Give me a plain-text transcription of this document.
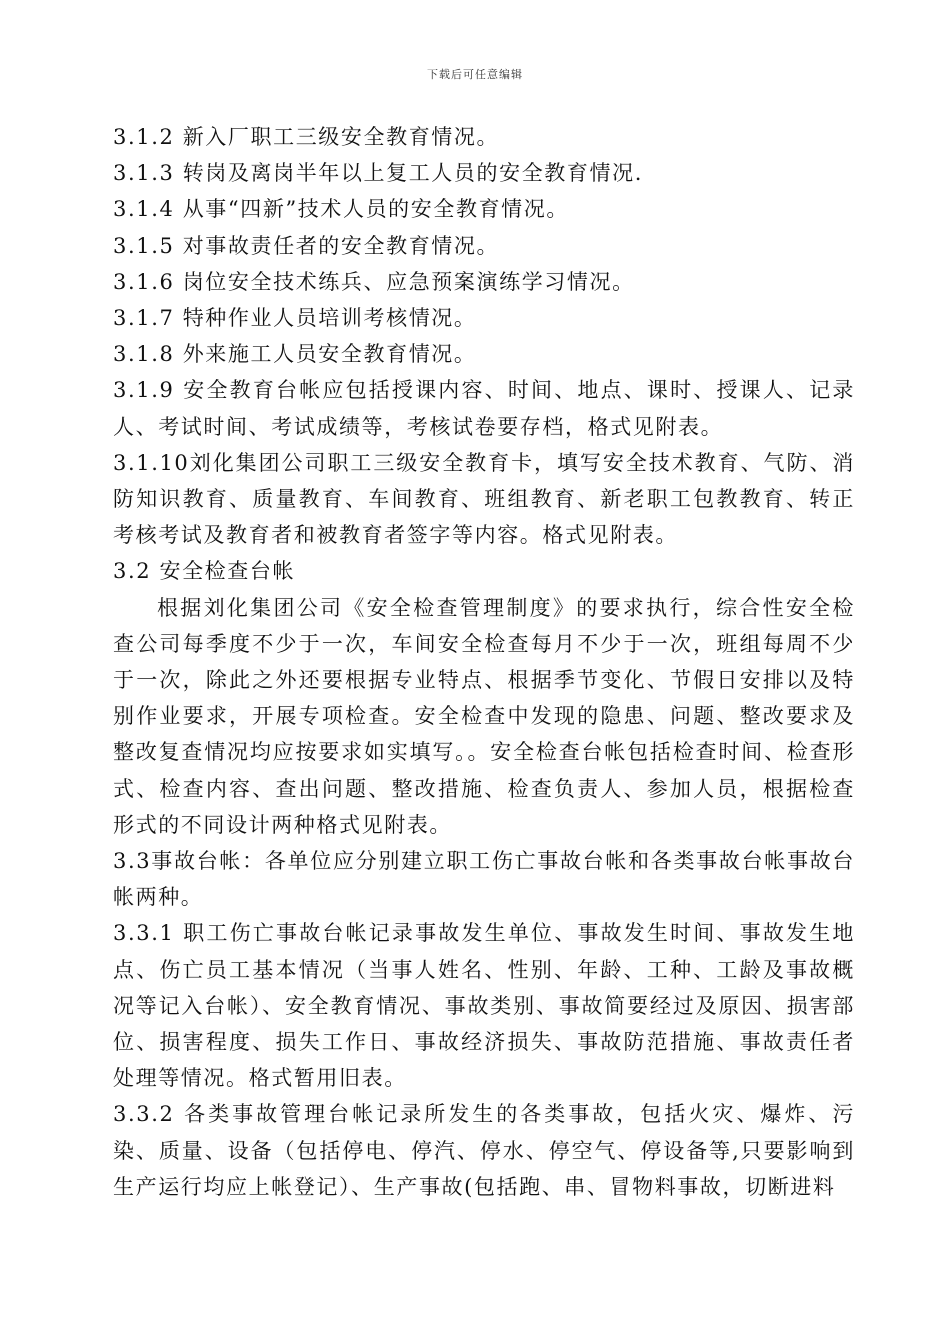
下载后可任意编辑

3.1.2 新入厂职工三级安全教育情况。

3.1.3 转岗及离岗半年以上复工人员的安全教育情况.

3.1.4 从事“四新”技术人员的安全教育情况。

3.1.5 对事故责任者的安全教育情况。

3.1.6 岗位安全技术练兵、应急预案演练学习情况。

3.1.7 特种作业人员培训考核情况。

3.1.8 外来施工人员安全教育情况。

3.1.9 安全教育台帐应包括授课内容、时间、地点、课时、授课人、记录人、考试时间、考试成绩等，考核试卷要存档，格式见附表。

3.1.10刘化集团公司职工三级安全教育卡，填写安全技术教育、气防、消防知识教育、质量教育、车间教育、班组教育、新老职工包教教育、转正考核考试及教育者和被教育者签字等内容。格式见附表。

3.2 安全检查台帐

根据刘化集团公司《安全检查管理制度》的要求执行，综合性安全检查公司每季度不少于一次，车间安全检查每月不少于一次，班组每周不少于一次，除此之外还要根据专业特点、根据季节变化、节假日安排以及特别作业要求，开展专项检查。安全检查中发现的隐患、问题、整改要求及整改复查情况均应按要求如实填写。。安全检查台帐包括检查时间、检查形式、检查内容、查出问题、整改措施、检查负责人、参加人员，根据检查形式的不同设计两种格式见附表。

3.3事故台帐：各单位应分别建立职工伤亡事故台帐和各类事故台帐事故台帐两种。

3.3.1 职工伤亡事故台帐记录事故发生单位、事故发生时间、事故发生地点、伤亡员工基本情况（当事人姓名、性别、年龄、工种、工龄及事故概况等记入台帐）、安全教育情况、事故类别、事故简要经过及原因、损害部位、损害程度、损失工作日、事故经济损失、事故防范措施、事故责任者处理等情况。格式暂用旧表。

3.3.2 各类事故管理台帐记录所发生的各类事故，包括火灾、爆炸、污染、质量、设备（包括停电、停汽、停水、停空气、停设备等,只要影响到生产运行均应上帐登记）、生产事故(包括跑、串、冒物料事故，切断进料
